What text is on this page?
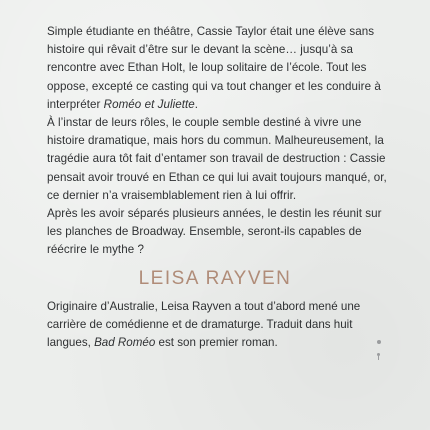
Simple étudiante en théâtre, Cassie Taylor était une élève sans histoire qui rêvait d’être sur le devant la scène… jusqu’à sa rencontre avec Ethan Holt, le loup solitaire de l’école. Tout les oppose, excepté ce casting qui va tout changer et les conduire à interpréter Roméo et Juliette.

À l’instar de leurs rôles, le couple semble destiné à vivre une histoire dramatique, mais hors du commun. Malheureusement, la tragédie aura tôt fait d’entamer son travail de destruction : Cassie pensait avoir trouvé en Ethan ce qui lui avait toujours manqué, or, ce dernier n’a vraisemblablement rien à lui offrir.

Après les avoir séparés plusieurs années, le destin les réunit sur les planches de Broadway. Ensemble, seront-ils capables de réécrire le mythe ?

LEISA RAYVEN

Originaire d’Australie, Leisa Rayven a tout d’abord mené une carrière de comédienne et de dramaturge. Traduit dans huit langues, Bad Roméo est son premier roman.
